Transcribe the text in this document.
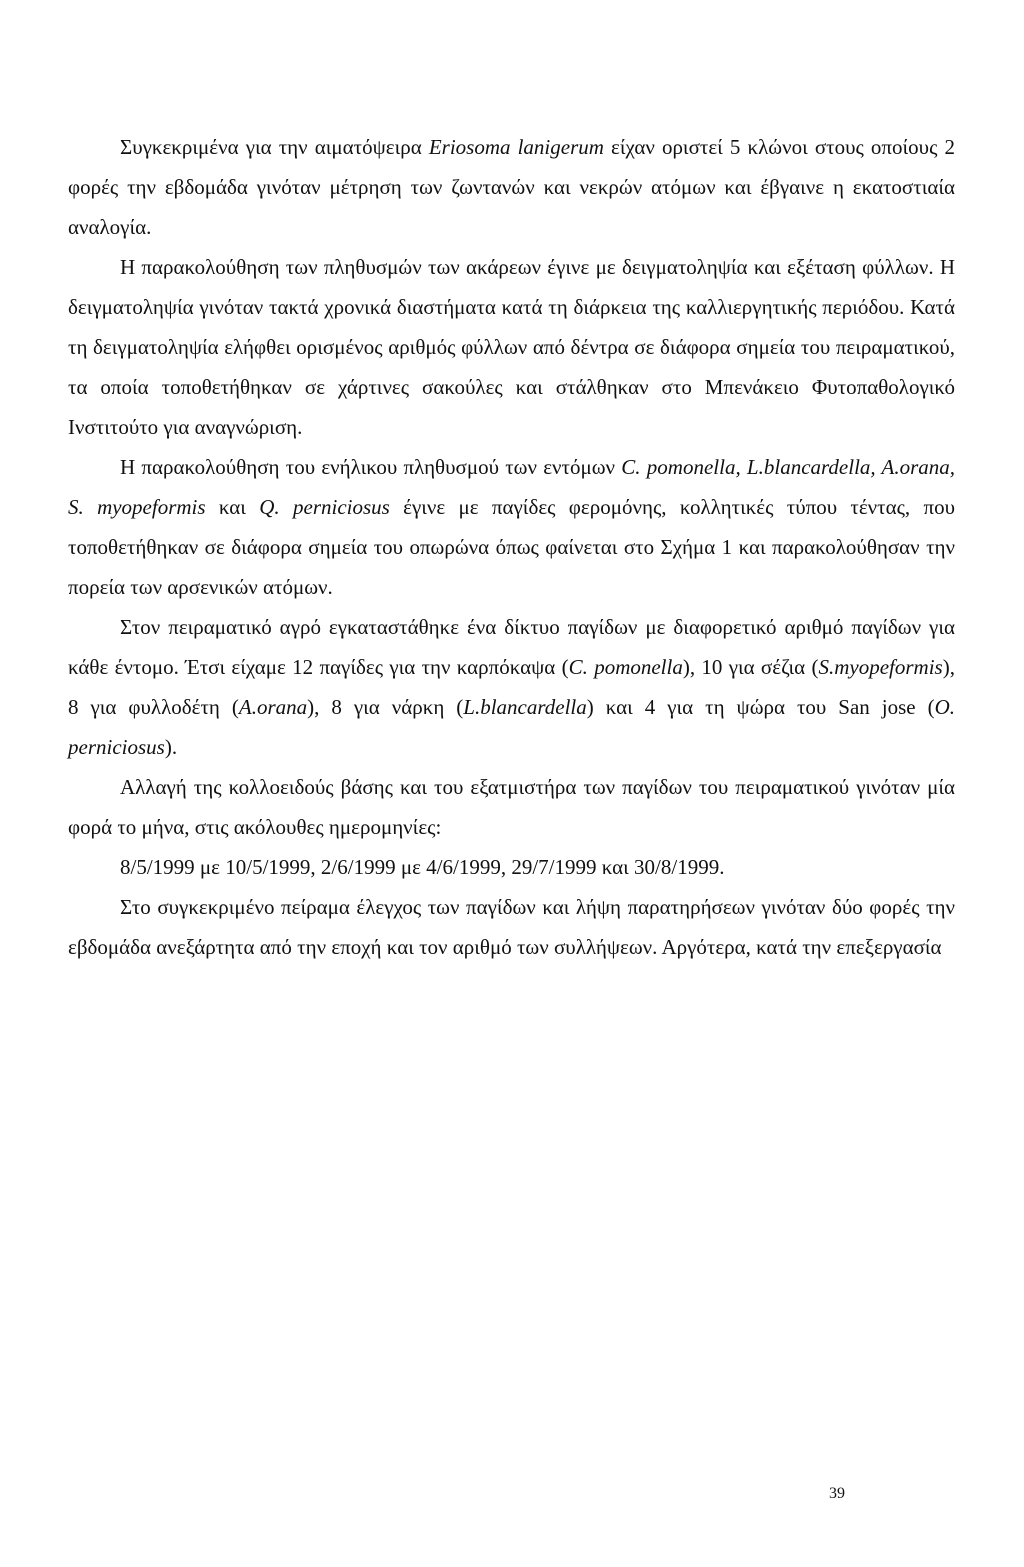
Συγκεκριμένα για την αιματόψειρα Eriosoma lanigerum είχαν οριστεί 5 κλώνοι στους οποίους 2 φορές την εβδομάδα γινόταν μέτρηση των ζωντανών και νεκρών ατόμων και έβγαινε η εκατοστιαία αναλογία.

Η παρακολούθηση των πληθυσμών των ακάρεων έγινε με δειγματοληψία και εξέταση φύλλων. Η δειγματοληψία γινόταν τακτά χρονικά διαστήματα κατά τη διάρκεια της καλλιεργητικής περιόδου. Κατά τη δειγματοληψία ελήφθει ορισμένος αριθμός φύλλων από δέντρα σε διάφορα σημεία του πειραματικού, τα οποία τοποθετήθηκαν σε χάρτινες σακούλες και στάλθηκαν στο Μπενάκειο Φυτοπαθολογικό Ινστιτούτο για αναγνώριση.

Η παρακολούθηση του ενήλικου πληθυσμού των εντόμων C. pomonella, L.blancardella, A.orana, S. myopeformis και Q. perniciosus έγινε με παγίδες φερομόνης, κολλητικές τύπου τέντας, που τοποθετήθηκαν σε διάφορα σημεία του οπωρώνα όπως φαίνεται στο Σχήμα 1 και παρακολούθησαν την πορεία των αρσενικών ατόμων.

Στον πειραματικό αγρό εγκαταστάθηκε ένα δίκτυο παγίδων με διαφορετικό αριθμό παγίδων για κάθε έντομο. Έτσι είχαμε 12 παγίδες για την καρπόκαψα (C. pomonella), 10 για σέζια (S.myopeformis), 8 για φυλλοδέτη (A.orana), 8 για νάρκη (L.blancardella) και 4 για τη ψώρα του San jose (O. perniciosus).

Αλλαγή της κολλοειδούς βάσης και του εξατμιστήρα των παγίδων του πειραματικού γινόταν μία φορά το μήνα, στις ακόλουθες ημερομηνίες:

8/5/1999 με 10/5/1999, 2/6/1999 με 4/6/1999, 29/7/1999 και 30/8/1999.

Στο συγκεκριμένο πείραμα έλεγχος των παγίδων και λήψη παρατηρήσεων γινόταν δύο φορές την εβδομάδα ανεξάρτητα από την εποχή και τον αριθμό των συλλήψεων. Αργότερα, κατά την επεξεργασία

39
